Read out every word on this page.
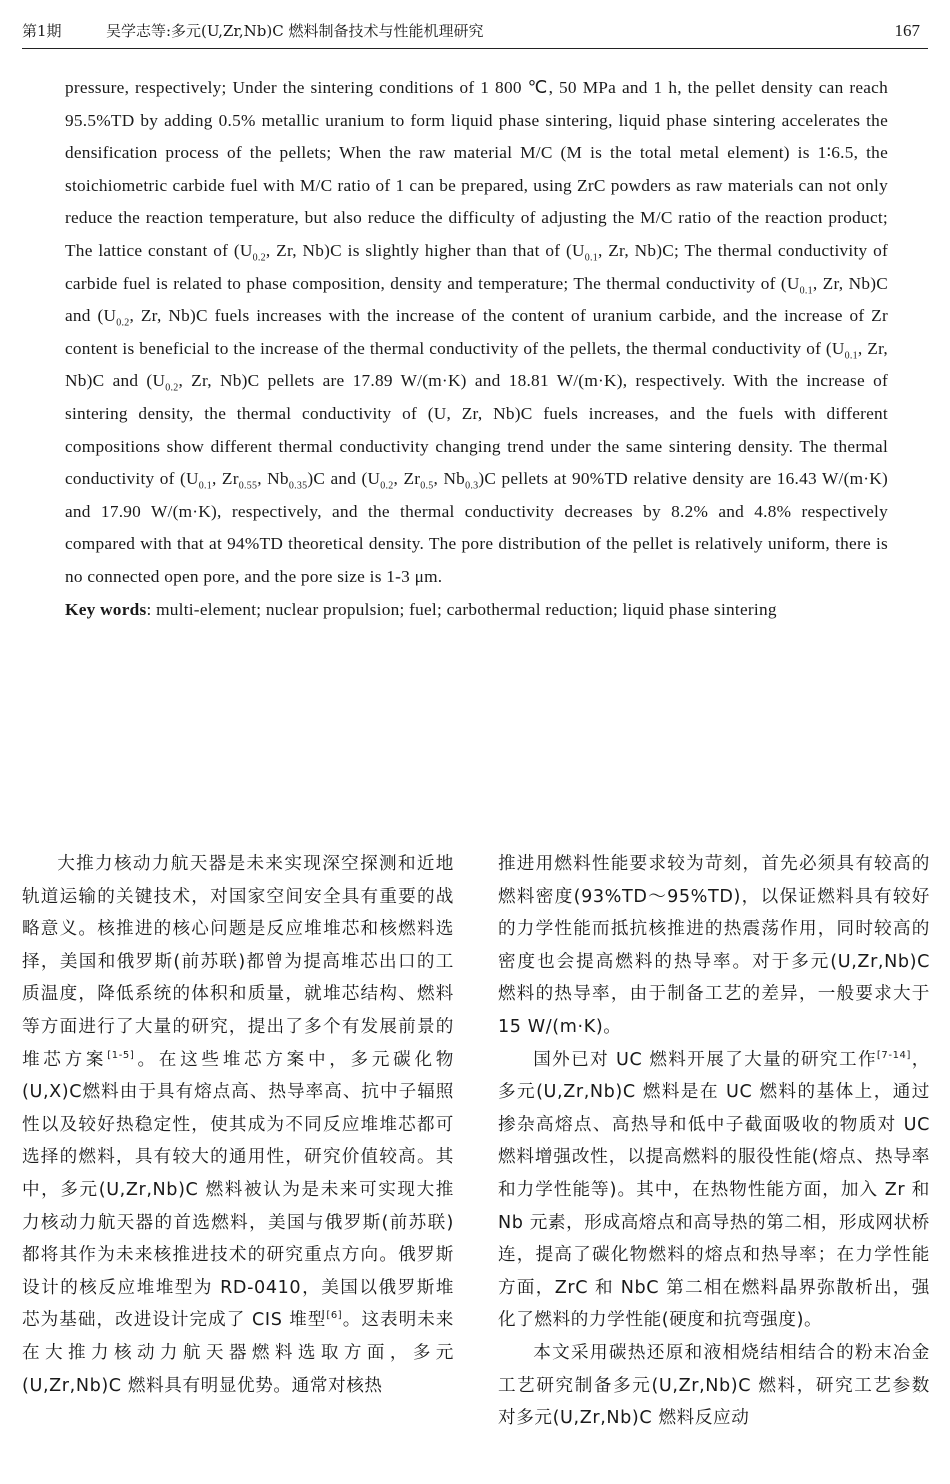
第1期	吴学志等:多元(U,Zr,Nb)C 燃料制备技术与性能机理研究	167

pressure, respectively; Under the sintering conditions of 1 800 ℃, 50 MPa and 1 h, the pellet density can reach 95.5%TD by adding 0.5% metallic uranium to form liquid phase sintering, liquid phase sintering accelerates the densification process of the pellets; When the raw material M/C (M is the total metal element) is 1∶6.5, the stoichiometric carbide fuel with M/C ratio of 1 can be prepared, using ZrC powders as raw materials can not only reduce the reaction temperature, but also reduce the difficulty of adjusting the M/C ratio of the reaction product; The lattice constant of ($U_{0.2}$, Zr, Nb)C is slightly higher than that of ($U_{0.1}$, Zr, Nb)C; The thermal conductivity of carbide fuel is related to phase composition, density and temperature; The thermal conductivity of ($U_{0.1}$, Zr, Nb)C and ($U_{0.2}$, Zr, Nb)C fuels increases with the increase of the content of uranium carbide, and the increase of Zr content is beneficial to the increase of the thermal conductivity of the pellets, the thermal conductivity of ($U_{0.1}$, Zr, Nb)C and ($U_{0.2}$, Zr, Nb)C pellets are 17.89 W/(m·K) and 18.81 W/(m·K), respectively. With the increase of sintering density, the thermal conductivity of (U, Zr, Nb)C fuels increases, and the fuels with different compositions show different thermal conductivity changing trend under the same sintering density. The thermal conductivity of ($U_{0.1}$, $Zr_{0.55}$, $Nb_{0.35})C$ and ($U_{0.2}$, $Zr_{0.5}$, $Nb_{0.3})C$ pellets at 90%TD relative density are 16.43 W/(m·K) and 17.90 W/(m·K), respectively, and the thermal conductivity decreases by 8.2% and 4.8% respectively compared with that at 94%TD theoretical density. The pore distribution of the pellet is relatively uniform, there is no connected open pore, and the pore size is 1-3 μm.

Key words: multi-element; nuclear propulsion; fuel; carbothermal reduction; liquid phase sintering

大推力核动力航天器是未来实现深空探测和近地轨道运输的关键技术，对国家空间安全具有重要的战略意义。核推进的核心问题是反应堆堆芯和核燃料选择，美国和俄罗斯(前苏联)都曾为提高堆芯出口的工质温度，降低系统的体积和质量，就堆芯结构、燃料等方面进行了大量的研究，提出了多个有发展前景的堆芯方案[1-5]。在这些堆芯方案中，多元碳化物(U,X)C燃料由于具有熔点高、热导率高、抗中子辐照性以及较好热稳定性，使其成为不同反应堆堆芯都可选择的燃料，具有较大的通用性，研究价值较高。其中，多元(U,Zr,Nb)C 燃料被认为是未来可实现大推力核动力航天器的首选燃料，美国与俄罗斯(前苏联)都将其作为未来核推进技术的研究重点方向。俄罗斯设计的核反应堆堆型为 RD-0410，美国以俄罗斯堆芯为基础，改进设计完成了 CIS 堆型[6]。这表明未来在大推力核动力航天器燃料选取方面，多元(U,Zr,Nb)C 燃料具有明显优势。通常对核热

推进用燃料性能要求较为苛刻，首先必须具有较高的燃料密度(93%TD～95%TD)，以保证燃料具有较好的力学性能而抵抗核推进的热震荡作用，同时较高的密度也会提高燃料的热导率。对于多元(U,Zr,Nb)C 燃料的热导率，由于制备工艺的差异，一般要求大于 15 W/(m·K)。

国外已对 UC 燃料开展了大量的研究工作[7-14]，多元(U,Zr,Nb)C 燃料是在 UC 燃料的基体上，通过掺杂高熔点、高热导和低中子截面吸收的物质对 UC 燃料增强改性，以提高燃料的服役性能(熔点、热导率和力学性能等)。其中，在热物性能方面，加入 Zr 和 Nb 元素，形成高熔点和高导热的第二相，形成网状桥连，提高了碳化物燃料的熔点和热导率；在力学性能方面，ZrC 和 NbC 第二相在燃料晶界弥散析出，强化了燃料的力学性能(硬度和抗弯强度)。

本文采用碳热还原和液相烧结相结合的粉末冶金工艺研究制备多元(U,Zr,Nb)C 燃料，研究工艺参数对多元(U,Zr,Nb)C 燃料反应动
